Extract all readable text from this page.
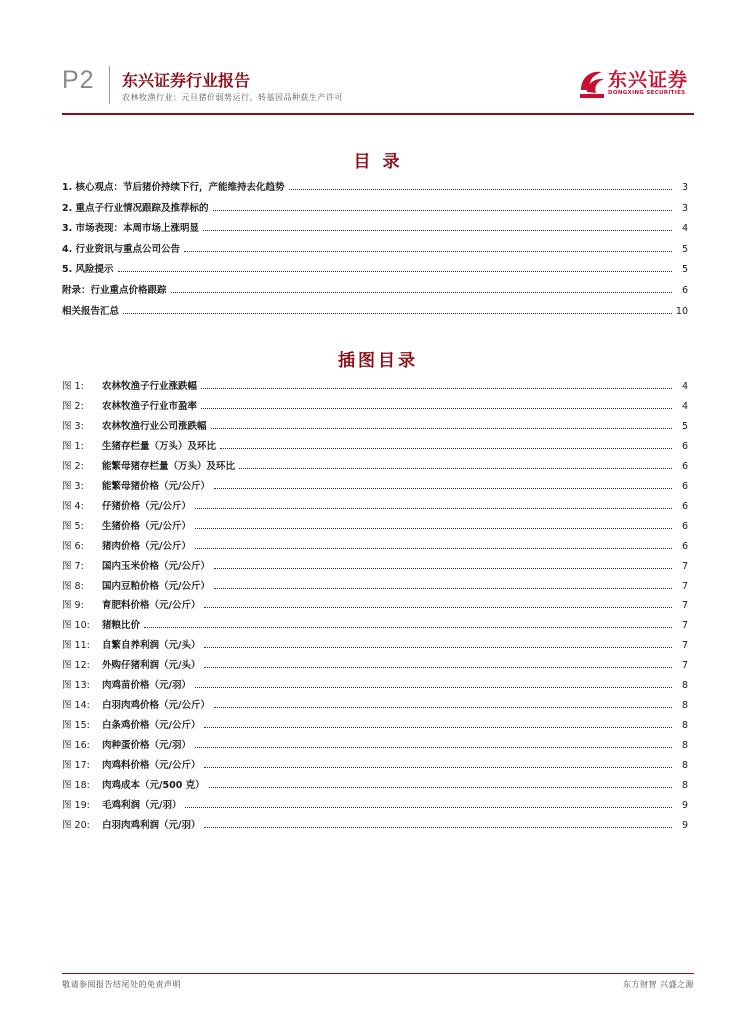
P2 东兴证券行业报告
农林牧渔行业：元旦猪价弱势运行，转基因品种获生产许可
东兴证券
DONGXING SECURITIES
目 录
1. 核心观点：节后猪价持续下行，产能维持去化趋势	3
2. 重点子行业情况跟踪及推荐标的	3
3. 市场表现：本周市场上涨明显	4
4. 行业资讯与重点公司公告	5
5. 风险提示	5
附录：行业重点价格跟踪	6
相关报告汇总	10
插图目录
图 1:	农林牧渔子行业涨跌幅	4
图 2:	农林牧渔子行业市盈率	4
图 3:	农林牧渔行业公司涨跌幅	5
图 1:	生猪存栏量（万头）及环比	6
图 2:	能繁母猪存栏量（万头）及环比	6
图 3:	能繁母猪价格（元/公斤）	6
图 4:	仔猪价格（元/公斤）	6
图 5:	生猪价格（元/公斤）	6
图 6:	猪肉价格（元/公斤）	6
图 7:	国内玉米价格（元/公斤）	7
图 8:	国内豆粕价格（元/公斤）	7
图 9:	育肥料价格（元/公斤）	7
图 10:	猪粮比价	7
图 11:	自繁自养利润（元/头）	7
图 12:	外购仔猪利润（元/头）	7
图 13:	肉鸡苗价格（元/羽）	8
图 14:	白羽肉鸡价格（元/公斤）	8
图 15:	白条鸡价格（元/公斤）	8
图 16:	肉种蛋价格（元/羽）	8
图 17:	肉鸡料价格（元/公斤）	8
图 18:	肉鸡成本（元/500 克）	8
图 19:	毛鸡利润（元/羽）	9
图 20:	白羽肉鸡利润（元/羽）	9
敬请参阅报告结尾处的免责声明	东方财智 兴盛之源
